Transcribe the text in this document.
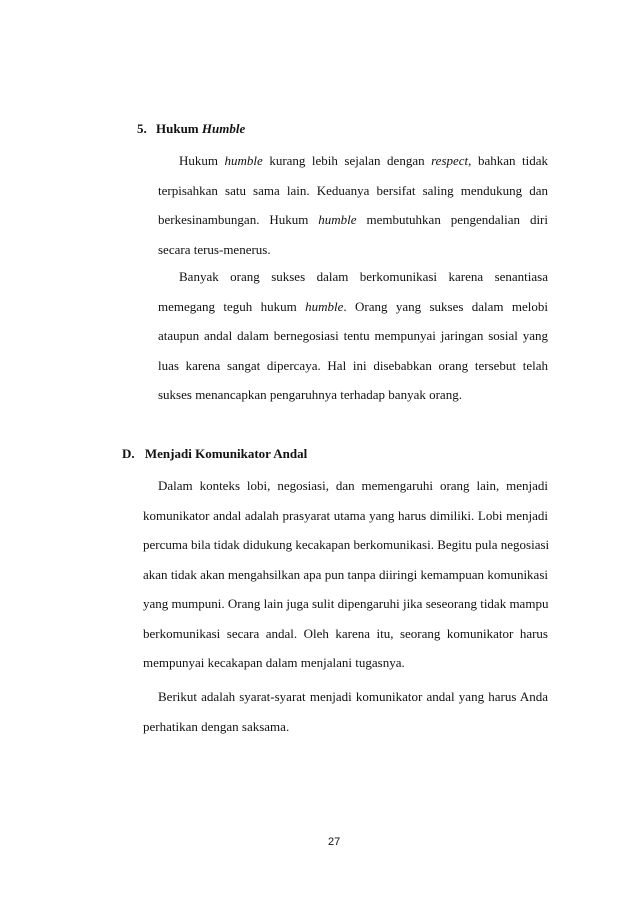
5. Hukum Humble
Hukum humble kurang lebih sejalan dengan respect, bahkan tidak
terpisahkan satu sama lain. Keduanya bersifat saling mendukung dan
berkesinambungan. Hukum humble membutuhkan pengendalian diri
secara terus-menerus.
Banyak orang sukses dalam berkomunikasi karena senantiasa
memegang teguh hukum humble. Orang yang sukses dalam melobi
ataupun andal dalam bernegosiasi tentu mempunyai jaringan sosial yang
luas karena sangat dipercaya. Hal ini disebabkan orang tersebut telah
sukses menancapkan pengaruhnya terhadap banyak orang.
D. Menjadi Komunikator Andal
Dalam konteks lobi, negosiasi, dan memengaruhi orang lain, menjadi
komunikator andal adalah prasyarat utama yang harus dimiliki. Lobi menjadi
percuma bila tidak didukung kecakapan berkomunikasi. Begitu pula negosiasi
akan tidak akan mengahsilkan apa pun tanpa diiringi kemampuan komunikasi
yang mumpuni. Orang lain juga sulit dipengaruhi jika seseorang tidak mampu
berkomunikasi secara andal. Oleh karena itu, seorang komunikator harus
mempunyai kecakapan dalam menjalani tugasnya.
Berikut adalah syarat-syarat menjadi komunikator andal yang harus Anda
perhatikan dengan saksama.
27
